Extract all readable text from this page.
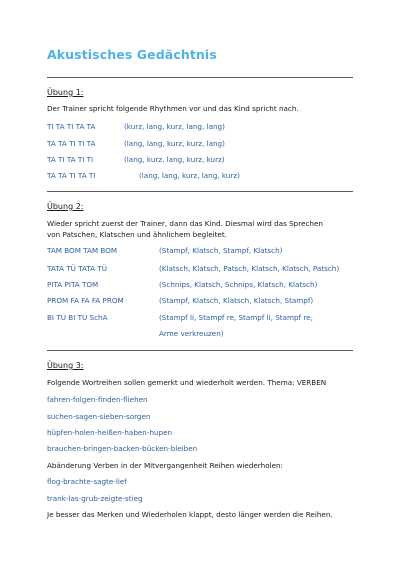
Akustisches Gedächtnis
Übung 1:
Der Trainer spricht folgende Rhythmen vor und das Kind spricht nach.
TI TA TI TA TA	(kurz, lang, kurz, lang, lang)
TA TA TI TI TA	(lang, lang, kurz, kurz, lang)
TA TI TA TI TI	(lang, kurz, lang, kurz, kurz)
TA TA TI TA TI	(lang, lang, kurz, lang, kurz)
Übung 2:
Wieder spricht zuerst der Trainer, dann das Kind. Diesmal wird das Sprechen
von Patschen, Klatschen und ähnlichem begleitet.
TAM BOM TAM BOM	(Stampf, Klatsch, Stampf, Klatsch)
TATA TÜ TATA TÜ	(Klatsch, Klatsch, Patsch, Klatsch, Klatsch, Patsch)
PITA PITA TOM	(Schnips, Klatsch, Schnips, Klatsch, Klatsch)
PROM FA FA FA PROM	(Stampf, Klatsch, Klatsch, Klatsch, Stampf)
BI TU BI TU SchA	(Stampf li, Stampf re, Stampf li, Stampf re,
Arme verkreuzen)
Übung 3:
Folgende Wortreihen sollen gemerkt und wiederholt werden. Thema: VERBEN
fahren-folgen-finden-fliehen
suchen-sagen-sieben-sorgen
hüpfen-holen-heißen-haben-hupen
brauchen-bringen-backen-bücken-bleiben
Abänderung Verben in der Mitvergangenheit Reihen wiederholen:
flog-brachte-sagte-lief
trank-las-grub-zeigte-stieg
Je besser das Merken und Wiederholen klappt, desto länger werden die Reihen.
